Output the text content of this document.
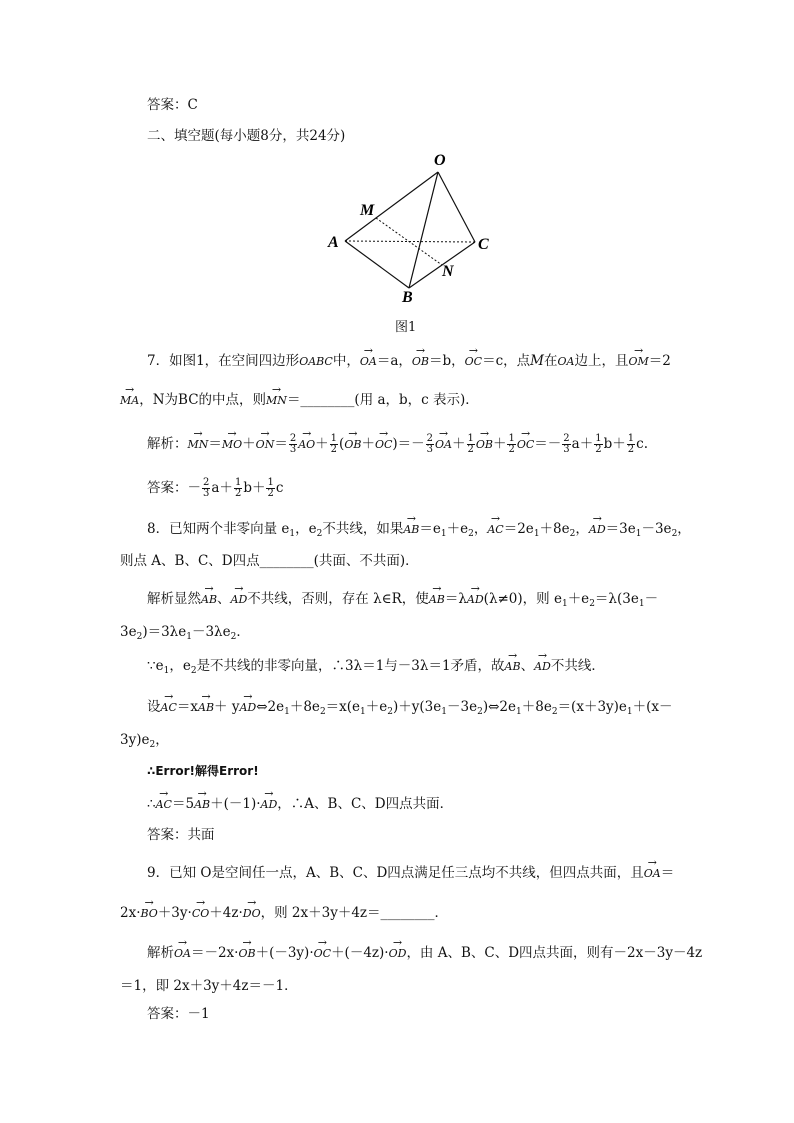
答案：C
二、填空题(每小题8分，共24分)
O
M
A	C
N
B
图1
7．如图1，在空间四边形OABC中，→ OA＝a，→ OB＝b，→ OC＝c，点M在OA边上，且→ OM＝2
→ MA，N为BC的中点，则→ MN＝________(用 a，b，c 表示)．
解析：→ $MN=\to MO+\to ON= \frac{2}{3}$
→ $AO+ \frac{1}{2}$ (→ $OB+\to OC)=- \frac{2}{3}$
→ $OA+ \frac{1}{2}$
→ $OB+ \frac{1}{2}$
→ $OC=- \frac{2}{3} a+ \frac{1}{2} b+ \frac{1}{2} c$.
答案：－ $\frac{2}{3} a+ \frac{1}{2} b+ \frac{1}{2}$ c
8．已知两个非零向量 $e_1$，$e_2$不共线，如果→ $AB=e_1+e_2$，→ $AC=2e_1+8e_2$，→ $AD=3e_1-3e_2$，
则点 A、B、C、D四点________(共面、不共面)．
解析显然→ AB、→ AD不共线，否则，存在 λ∈R，使→ AB＝λ→ AD(λ≠0)，则 $e_1+e_2=\lambda(3e_1-$
$3e_2)=3\lambda e_1-3\lambda e_2$．
$\because e_1$，$e_2$是不共线的非零向量，∴3λ＝1与－3λ＝1矛盾，故→ AB、→ AD不共线．
设→ $AC=x\to AB+ y\to AD\Leftrightarrow 2e_1+8e_2=x(e_1+e_2)+y(3e_1-3e_2)\Leftrightarrow 2e_1+8e_2=(x+3y)e_1+(x-$
$3y)e_2$，
∴Error!解得Error!
∴→ AC＝5→ AB＋(－1)·→ AD，∴A、B、C、D四点共面．
答案：共面
9．已知 O是空间任一点，A、B、C、D四点满足任三点均不共线，但四点共面，且→ OA＝
2x·→ BO＋3y·→ CO＋4z·→ DO，则 2x＋3y＋4z＝________．
解析→ OA＝－2x·→ OB＋(－3y)·→ OC＋(－4z)·→ OD，由 A、B、C、D四点共面，则有－2x－3y－4z
＝1，即 2x＋3y＋4z＝－1．
答案：－1
